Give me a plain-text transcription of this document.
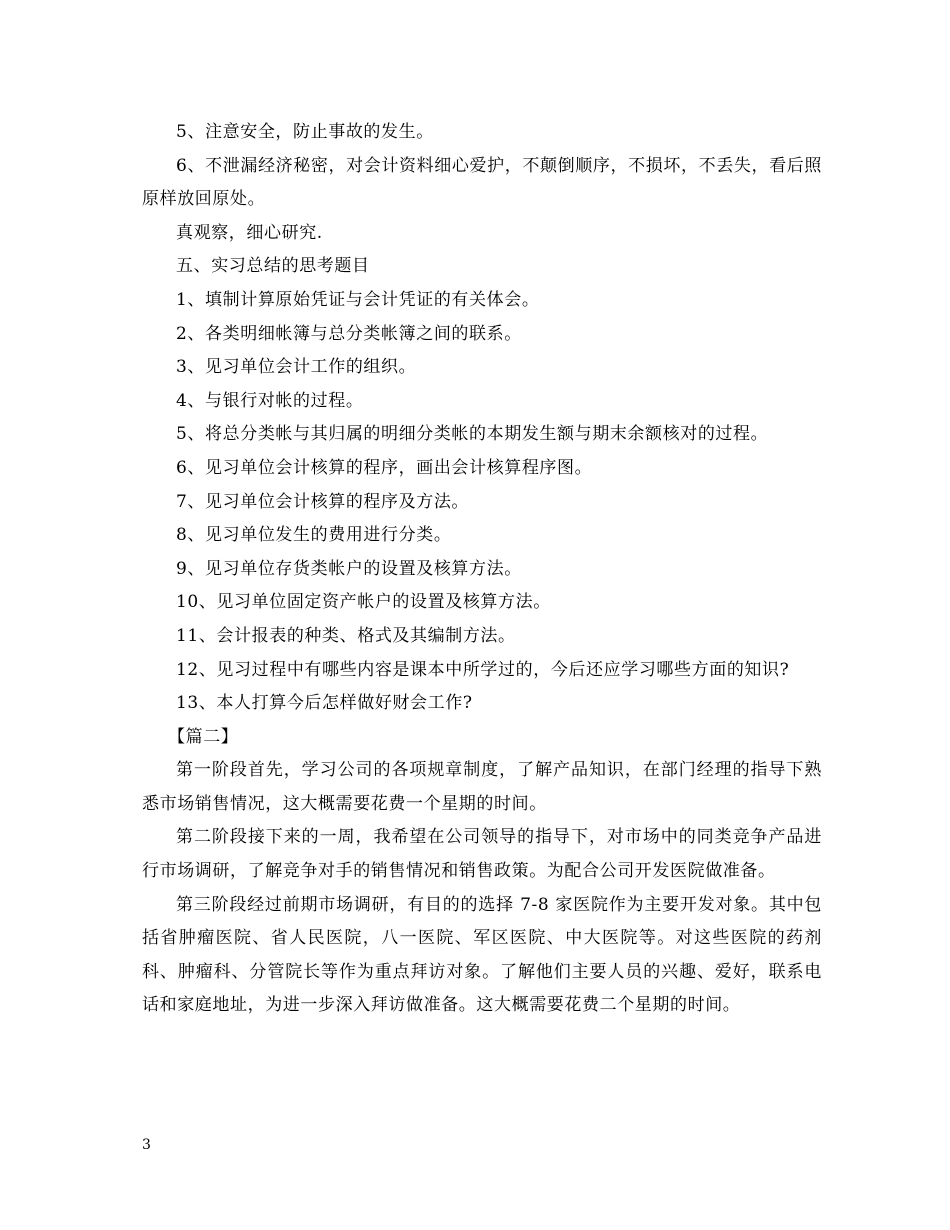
5、注意安全，防止事故的发生。

6、不泄漏经济秘密，对会计资料细心爱护，不颠倒顺序，不损坏，不丢失，看后照原样放回原处。

真观察，细心研究.

五、实习总结的思考题目

1、填制计算原始凭证与会计凭证的有关体会。

2、各类明细帐簿与总分类帐簿之间的联系。

3、见习单位会计工作的组织。

4、与银行对帐的过程。

5、将总分类帐与其归属的明细分类帐的本期发生额与期末余额核对的过程。

6、见习单位会计核算的程序，画出会计核算程序图。

7、见习单位会计核算的程序及方法。

8、见习单位发生的费用进行分类。

9、见习单位存货类帐户的设置及核算方法。

10、见习单位固定资产帐户的设置及核算方法。

11、会计报表的种类、格式及其编制方法。

12、见习过程中有哪些内容是课本中所学过的，今后还应学习哪些方面的知识?

13、本人打算今后怎样做好财会工作?

【篇二】

第一阶段首先，学习公司的各项规章制度，了解产品知识，在部门经理的指导下熟悉市场销售情况，这大概需要花费一个星期的时间。

第二阶段接下来的一周，我希望在公司领导的指导下，对市场中的同类竞争产品进行市场调研，了解竞争对手的销售情况和销售政策。为配合公司开发医院做准备。

第三阶段经过前期市场调研，有目的的选择 7-8 家医院作为主要开发对象。其中包括省肿瘤医院、省人民医院，八一医院、军区医院、中大医院等。对这些医院的药剂科、肿瘤科、分管院长等作为重点拜访对象。了解他们主要人员的兴趣、爱好，联系电话和家庭地址，为进一步深入拜访做准备。这大概需要花费二个星期的时间。

3
